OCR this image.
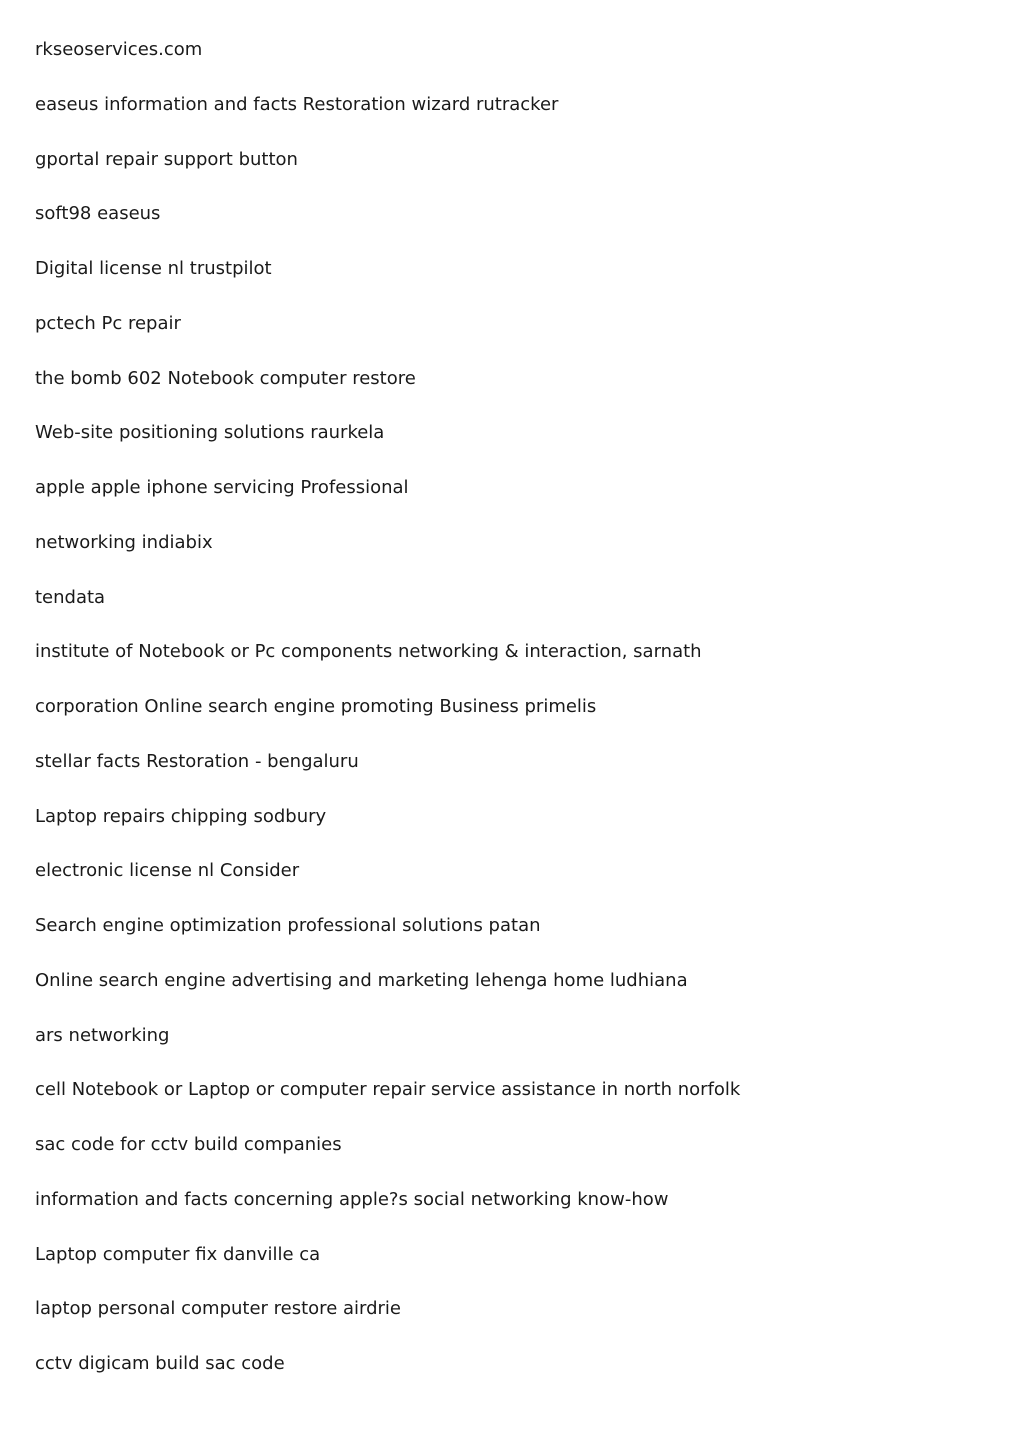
rkseoservices.com
easeus information and facts Restoration wizard rutracker
gportal repair support button
soft98 easeus
Digital license nl trustpilot
pctech Pc repair
the bomb 602 Notebook computer restore
Web-site positioning solutions raurkela
apple apple iphone servicing Professional
networking indiabix
tendata
institute of Notebook or Pc components networking & interaction, sarnath
corporation Online search engine promoting Business primelis
stellar facts Restoration - bengaluru
Laptop repairs chipping sodbury
electronic license nl Consider
Search engine optimization professional solutions patan
Online search engine advertising and marketing lehenga home ludhiana
ars networking
cell Notebook or Laptop or computer repair service assistance in north norfolk
sac code for cctv build companies
information and facts concerning apple?s social networking know-how
Laptop computer fix danville ca
laptop personal computer restore airdrie
cctv digicam build sac code
